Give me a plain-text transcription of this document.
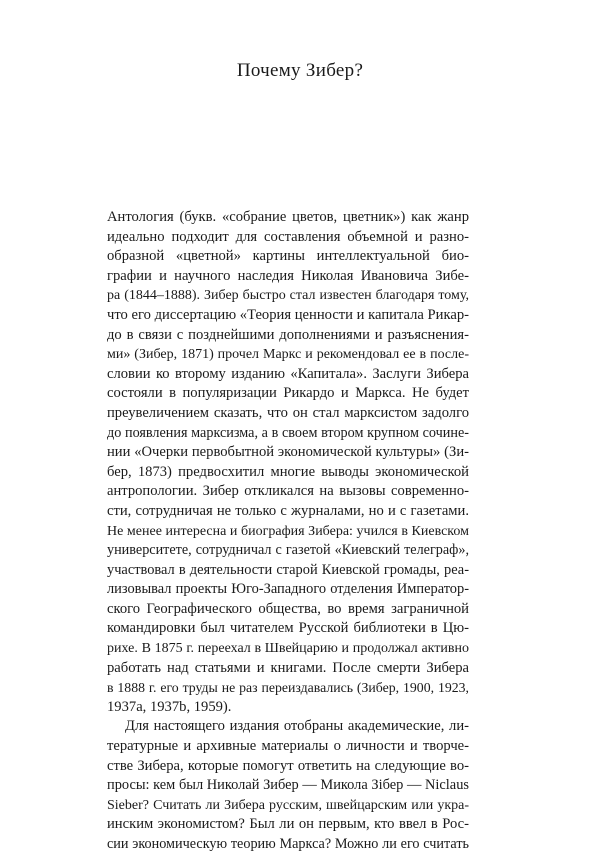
Почему Зибер?
Антология (букв. «собрание цветов, цветник») как жанр
идеально подходит для составления объемной и разно-
образной «цветной» картины интеллектуальной био-
графии и научного наследия Николая Ивановича Зибе-
ра (1844–1888). Зибер быстро стал известен благодаря тому,
что его диссертацию «Теория ценности и капитала Рикар-
до в связи с позднейшими дополнениями и разъяснения-
ми» (Зибер, 1871) прочел Маркс и рекомендовал ее в после-
словии ко второму изданию «Капитала». Заслуги Зибера
состояли в популяризации Рикардо и Маркса. Не будет
преувеличением сказать, что он стал марксистом задолго
до появления марксизма, а в своем втором крупном сочине-
нии «Очерки первобытной экономической культуры» (Зи-
бер, 1873) предвосхитил многие выводы экономической
антропологии. Зибер откликался на вызовы современно-
сти, сотрудничая не только с журналами, но и с газетами.
Не менее интересна и биография Зибера: учился в Киевском
университете, сотрудничал с газетой «Киевский телеграф»,
участвовал в деятельности старой Киевской громады, реа-
лизовывал проекты Юго-Западного отделения Император-
ского Географического общества, во время заграничной
командировки был читателем Русской библиотеки в Цю-
рихе. В 1875 г. переехал в Швейцарию и продолжал активно
работать над статьями и книгами. После смерти Зибера
в 1888 г. его труды не раз переиздавались (Зибер, 1900, 1923,
1937a, 1937b, 1959).
Для настоящего издания отобраны академические, ли-
тературные и архивные материалы о личности и творче-
стве Зибера, которые помогут ответить на следующие во-
просы: кем был Николай Зибер — Микола Зібер — Niclaus
Sieber? Считать ли Зибера русским, швейцарским или укра-
инским экономистом? Был ли он первым, кто ввел в Рос-
сии экономическую теорию Маркса? Можно ли его считать
